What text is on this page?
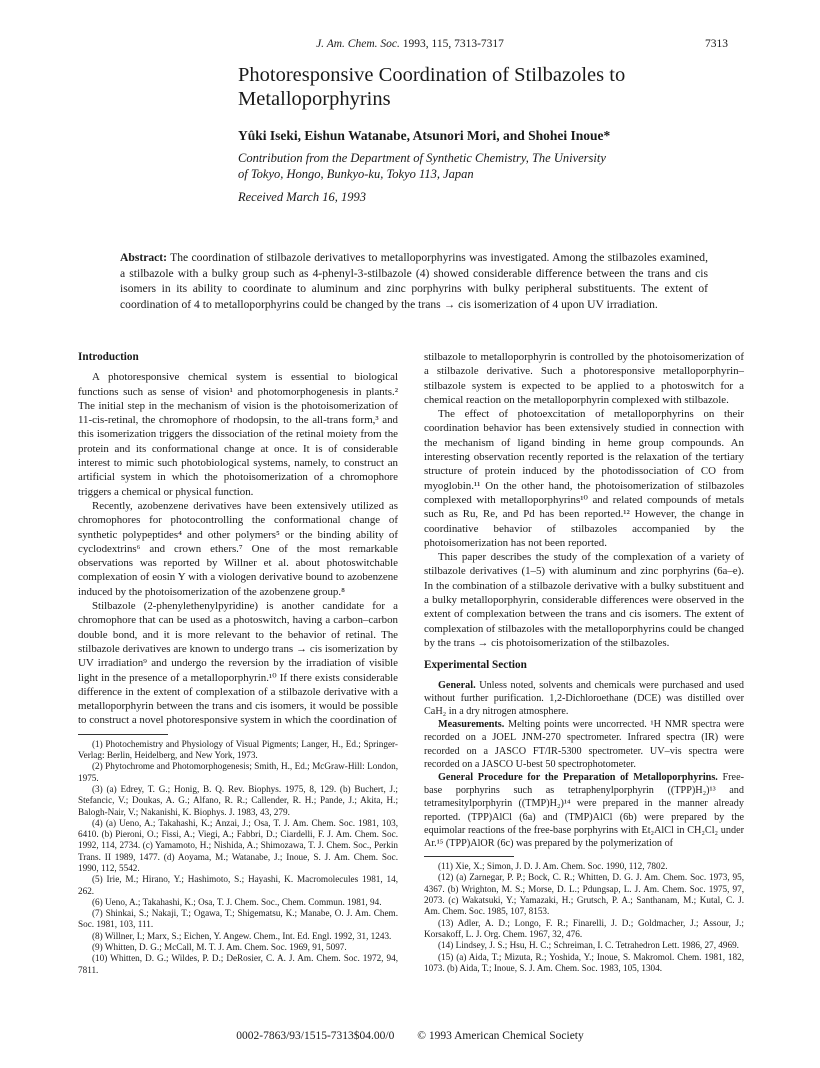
J. Am. Chem. Soc. 1993, 115, 7313-7317	7313
Photoresponsive Coordination of Stilbazoles to Metalloporphyrins
Yûki Iseki, Eishun Watanabe, Atsunori Mori, and Shohei Inoue*
Contribution from the Department of Synthetic Chemistry, The University of Tokyo, Hongo, Bunkyo-ku, Tokyo 113, Japan
Received March 16, 1993
Abstract: The coordination of stilbazole derivatives to metalloporphyrins was investigated. Among the stilbazoles examined, a stilbazole with a bulky group such as 4-phenyl-3-stilbazole (4) showed considerable difference between the trans and cis isomers in its ability to coordinate to aluminum and zinc porphyrins with bulky peripheral substituents. The extent of coordination of 4 to metalloporphyrins could be changed by the trans → cis isomerization of 4 upon UV irradiation.
Introduction

A photoresponsive chemical system is essential to biological functions such as sense of vision¹ and photomorphogenesis in plants.² The initial step in the mechanism of vision is the photoisomerization of 11-cis-retinal, the chromophore of rhodopsin, to the all-trans form,³ and this isomerization triggers the dissociation of the retinal moiety from the protein and its conformational change at once. It is of considerable interest to mimic such photobiological systems, namely, to construct an artificial system in which the photoisomerization of a chromophore triggers a chemical or physical function.

Recently, azobenzene derivatives have been extensively utilized as chromophores for photocontrolling the conformational change of synthetic polypeptides⁴ and other polymers⁵ or the binding ability of cyclodextrins⁶ and crown ethers.⁷ One of the most remarkable observations was reported by Willner et al. about photoswitchable complexation of eosin Y with a viologen derivative bound to azobenzene induced by the photoisomerization of the azobenzene group.⁸

Stilbazole (2-phenylethenylpyridine) is another candidate for a chromophore that can be used as a photoswitch, having a carbon–carbon double bond, and it is more relevant to the behavior of retinal. The stilbazole derivatives are known to undergo trans → cis isomerization by UV irradiation⁹ and undergo the reversion by the irradiation of visible light in the presence of a metalloporphyrin.¹⁰ If there exists considerable difference in the extent of complexation of a stilbazole derivative with a metalloporphyrin between the trans and cis isomers, it would be possible to construct a novel photoresponsive system in which the coordination of

(1) Photochemistry and Physiology of Visual Pigments; Langer, H., Ed.; Springer-Verlag: Berlin, Heidelberg, and New York, 1973.

(2) Phytochrome and Photomorphogenesis; Smith, H., Ed.; McGraw-Hill: London, 1975.

(3) (a) Edrey, T. G.; Honig, B. Q. Rev. Biophys. 1975, 8, 129. (b) Buchert, J.; Stefancic, V.; Doukas, A. G.; Alfano, R. R.; Callender, R. H.; Pande, J.; Akita, H.; Balogh-Nair, V.; Nakanishi, K. Biophys. J. 1983, 43, 279.

(4) (a) Ueno, A.; Takahashi, K.; Anzai, J.; Osa, T. J. Am. Chem. Soc. 1981, 103, 6410. (b) Pieroni, O.; Fissi, A.; Viegi, A.; Fabbri, D.; Ciardelli, F. J. Am. Chem. Soc. 1992, 114, 2734. (c) Yamamoto, H.; Nishida, A.; Shimozawa, T. J. Chem. Soc., Perkin Trans. II 1989, 1477. (d) Aoyama, M.; Watanabe, J.; Inoue, S. J. Am. Chem. Soc. 1990, 112, 5542.

(5) Irie, M.; Hirano, Y.; Hashimoto, S.; Hayashi, K. Macromolecules 1981, 14, 262.

(6) Ueno, A.; Takahashi, K.; Osa, T. J. Chem. Soc., Chem. Commun. 1981, 94.

(7) Shinkai, S.; Nakaji, T.; Ogawa, T.; Shigematsu, K.; Manabe, O. J. Am. Chem. Soc. 1981, 103, 111.

(8) Willner, I.; Marx, S.; Eichen, Y. Angew. Chem., Int. Ed. Engl. 1992, 31, 1243.

(9) Whitten, D. G.; McCall, M. T. J. Am. Chem. Soc. 1969, 91, 5097.

(10) Whitten, D. G.; Wildes, P. D.; DeRosier, C. A. J. Am. Chem. Soc. 1972, 94, 7811.

stilbazole to metalloporphyrin is controlled by the photoisomerization of a stilbazole derivative. Such a photoresponsive metalloporphyrin–stilbazole system is expected to be applied to a photoswitch for a chemical reaction on the metalloporphyrin complexed with stilbazole.

The effect of photoexcitation of metalloporphyrins on their coordination behavior has been extensively studied in connection with the mechanism of ligand binding in heme group compounds. An interesting observation recently reported is the relaxation of the tertiary structure of protein induced by the photodissociation of CO from myoglobin.¹¹ On the other hand, the photoisomerization of stilbazoles complexed with metalloporphyrins¹⁰ and related compounds of metals such as Ru, Re, and Pd has been reported.¹² However, the change in coordinative behavior of stilbazoles accompanied by the photoisomerization has not been reported.

This paper describes the study of the complexation of a variety of stilbazole derivatives (1–5) with aluminum and zinc porphyrins (6a–e). In the combination of a stilbazole derivative with a bulky substituent and a bulky metalloporphyrin, considerable differences were observed in the extent of complexation between the trans and cis isomers. The extent of complexation of stilbazoles with the metalloporphyrins could be changed by the trans → cis photoisomerization of the stilbazoles.

Experimental Section

General. Unless noted, solvents and chemicals were purchased and used without further purification. 1,2-Dichloroethane (DCE) was distilled over CaH₂ in a dry nitrogen atmosphere.

Measurements. Melting points were uncorrected. ¹H NMR spectra were recorded on a JOEL JNM-270 spectrometer. Infrared spectra (IR) were recorded on a JASCO FT/IR-5300 spectrometer. UV–vis spectra were recorded on a JASCO U-best 50 spectrophotometer.

General Procedure for the Preparation of Metalloporphyrins. Free-base porphyrins such as tetraphenylporphyrin ((TPP)H₂)¹³ and tetramesitylporphyrin ((TMP)H₂)¹⁴ were prepared in the manner already reported. (TPP)AlCl (6a) and (TMP)AlCl (6b) were prepared by the equimolar reactions of the free-base porphyrins with Et₂AlCl in CH₂Cl₂ under Ar.¹⁵ (TPP)AlOR (6c) was prepared by the polymerization of

(11) Xie, X.; Simon, J. D. J. Am. Chem. Soc. 1990, 112, 7802.

(12) (a) Zarnegar, P. P.; Bock, C. R.; Whitten, D. G. J. Am. Chem. Soc. 1973, 95, 4367. (b) Wrighton, M. S.; Morse, D. L.; Pdungsap, L. J. Am. Chem. Soc. 1975, 97, 2073. (c) Wakatsuki, Y.; Yamazaki, H.; Grutsch, P. A.; Santhanam, M.; Kutal, C. J. Am. Chem. Soc. 1985, 107, 8153.

(13) Adler, A. D.; Longo, F. R.; Finarelli, J. D.; Goldmacher, J.; Assour, J.; Korsakoff, L. J. Org. Chem. 1967, 32, 476.

(14) Lindsey, J. S.; Hsu, H. C.; Schreiman, I. C. Tetrahedron Lett. 1986, 27, 4969.

(15) (a) Aida, T.; Mizuta, R.; Yoshida, Y.; Inoue, S. Makromol. Chem. 1981, 182, 1073. (b) Aida, T.; Inoue, S. J. Am. Chem. Soc. 1983, 105, 1304.

0002-7863/93/1515-7313$04.00/0 © 1993 American Chemical Society
